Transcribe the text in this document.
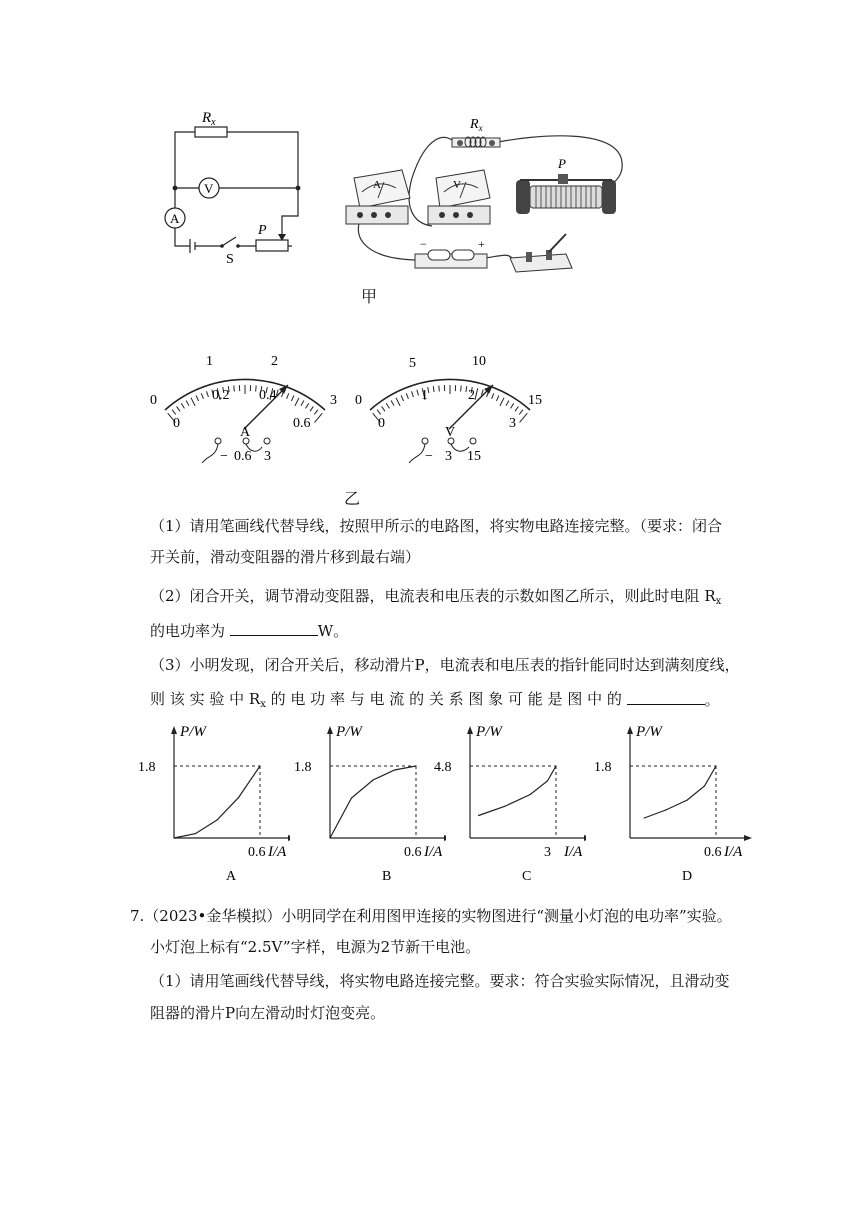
$R_x$
V
A
P
S
$R_x$
A	V
P
−	+
甲
0
1	2
3
0
0.2 0.4
0.6
A
− 0.6 3
0
5	10
15
0
1	2
3
V
− 3 15
乙
（1）请用笔画线代替导线，按照甲所示的电路图，将实物电路连接完整。（要求：闭合
开关前，滑动变阻器的滑片移到最右端）
（2）闭合开关，调节滑动变阻器，电流表和电压表的示数如图乙所示，则此时电阻 $R_x$
的电功率为	W。
（3）小明发现，闭合开关后，移动滑片P，电流表和电压表的指针能同时达到满刻度线，
则 该 实 验 中 $R_x$ 的 电 功 率 与 电 流 的 关 系 图 象 可 能 是 图 中 的	。
P/W
1.8
0.6 I/A
A
P/W
1.8
0.6 I/A
B
P/W
4.8
3 I/A
C
P/W
1.8
0.6 I/A
D
7.（2023•金华模拟）小明同学在利用图甲连接的实物图进行“测量小灯泡的电功率”实验。
小灯泡上标有“2.5V”字样，电源为2节新干电池。
（1）请用笔画线代替导线，将实物电路连接完整。要求：符合实验实际情况，且滑动变
阻器的滑片P向左滑动时灯泡变亮。
